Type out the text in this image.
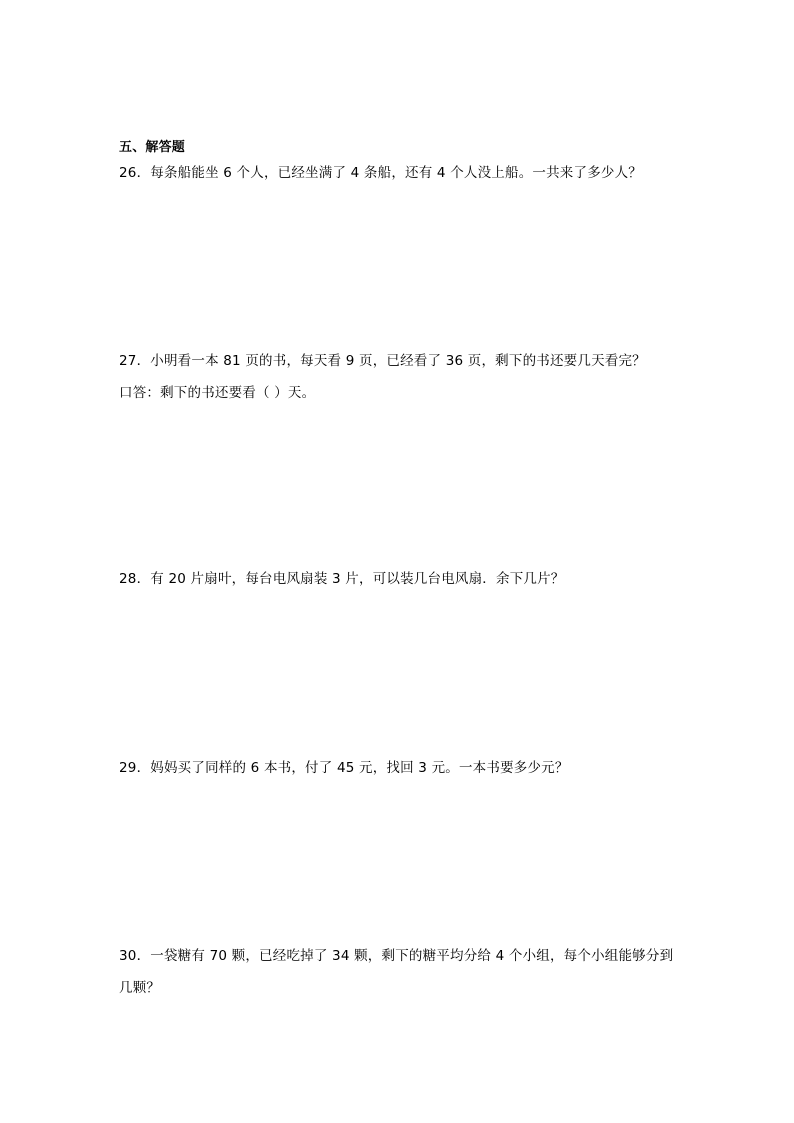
五、解答题
26．每条船能坐 6 个人，已经坐满了 4 条船，还有 4 个人没上船。一共来了多少人？
27．小明看一本 81 页的书，每天看 9 页，已经看了 36 页，剩下的书还要几天看完？
口答：剩下的书还要看（ ）天。
28．有 20 片扇叶，每台电风扇装 3 片，可以装几台电风扇．余下几片？
29．妈妈买了同样的 6 本书，付了 45 元，找回 3 元。一本书要多少元？
30．一袋糖有 70 颗，已经吃掉了 34 颗，剩下的糖平均分给 4 个小组，每个小组能够分到几颗？
